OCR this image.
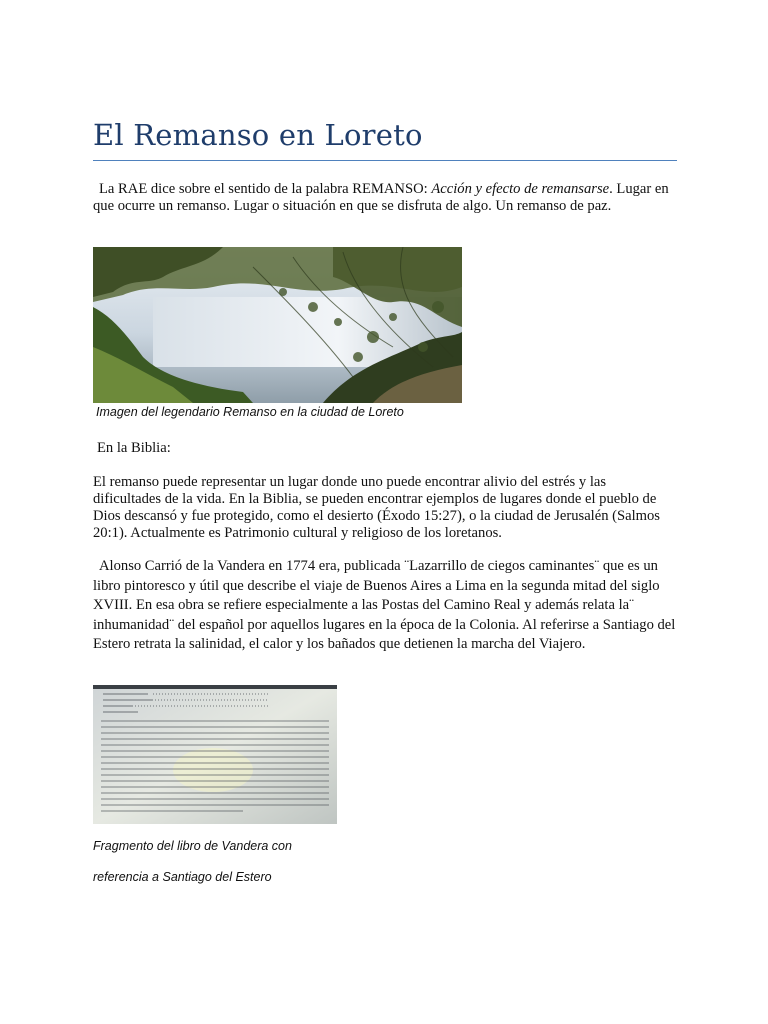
El Remanso en Loreto

La RAE dice sobre el sentido de la palabra REMANSO: Acción y efecto de remansarse. Lugar en que ocurre un remanso. Lugar o situación en que se disfruta de algo. Un remanso de paz.

Imagen del legendario Remanso en la ciudad de Loreto

En la Biblia:

El remanso puede representar un lugar donde uno puede encontrar alivio del estrés y las dificultades de la vida. En la Biblia, se pueden encontrar ejemplos de lugares donde el pueblo de Dios descansó y fue protegido, como el desierto (Éxodo 15:27), o la ciudad de Jerusalén (Salmos 20:1). Actualmente es Patrimonio cultural y religioso de los loretanos.

Alonso Carrió de la Vandera en 1774 era, publicada ¨Lazarrillo de ciegos caminantes¨ que es un libro pintoresco y útil que describe el viaje de Buenos Aires a Lima en la segunda mitad del siglo XVIII. En esa obra se refiere especialmente a las Postas del Camino Real y además relata la¨ inhumanidad¨ del español por aquellos lugares en la época de la Colonia. Al referirse a Santiago del Estero retrata la salinidad, el calor y los bañados que detienen la marcha del Viajero.

Fragmento del libro de Vandera con

referencia a Santiago del Estero
